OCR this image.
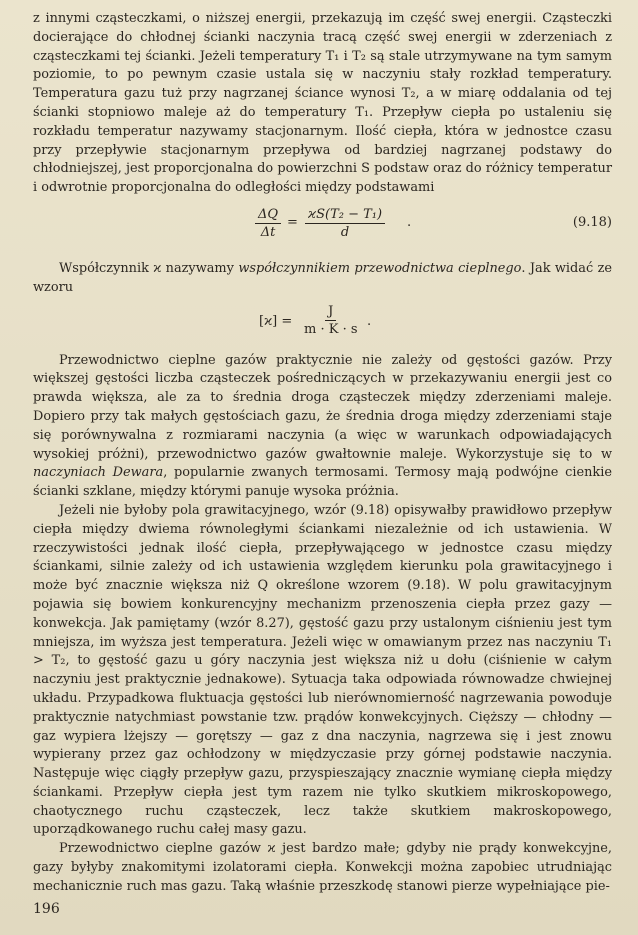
z innymi cząsteczkami, o niższej energii, przekazują im część swej energii. Cząsteczki docierające do chłodnej ścianki naczynia tracą część swej energii w zderzeniach z cząsteczkami tej ścianki. Jeżeli temperatury T₁ i T₂ są stale utrzymywane na tym samym poziomie, to po pewnym czasie ustala się w naczyniu stały rozkład temperatury. Temperatura gazu tuż przy nagrzanej ściance wynosi T₂, a w miarę oddalania od tej ścianki stopniowo maleje aż do temperatury T₁. Przepływ ciepła po ustaleniu się rozkładu temperatur nazywamy stacjonarnym. Ilość ciepła, która w jednostce czasu przy przepływie stacjonarnym przepływa od bardziej nagrzanej podstawy do chłodniejszej, jest proporcjonalna do powierzchni S podstaw oraz do różnicy temperatur i odwrotnie proporcjonalna do odległości między podstawami

$\frac{\Delta Q}{\Delta t} = \frac{\text{ϰS(T₂ − T₁)}}{d}$ .	(9.18)

Współczynnik ϰ nazywamy współczynnikiem przewodnictwa cieplnego. Jak widać ze wzoru

$[ϰ] = \frac{J}{m \cdot K \cdot s}$ .

Przewodnictwo cieplne gazów praktycznie nie zależy od gęstości gazów. Przy większej gęstości liczba cząsteczek pośredniczących w przekazywaniu energii jest co prawda większa, ale za to średnia droga cząsteczek między zderzeniami maleje. Dopiero przy tak małych gęstościach gazu, że średnia droga między zderzeniami staje się porównywalna z rozmiarami naczynia (a więc w warunkach odpowiadających wysokiej próżni), przewodnictwo gazów gwałtownie maleje. Wykorzystuje się to w naczyniach Dewara, popularnie zwanych termosami. Termosy mają podwójne cienkie ścianki szklane, między którymi panuje wysoka próżnia.

Jeżeli nie byłoby pola grawitacyjnego, wzór (9.18) opisywałby prawidłowo przepływ ciepła między dwiema równoległymi ściankami niezależnie od ich ustawienia. W rzeczywistości jednak ilość ciepła, przepływającego w jednostce czasu między ściankami, silnie zależy od ich ustawienia względem kierunku pola grawitacyjnego i może być znacznie większa niż Q określone wzorem (9.18). W polu grawitacyjnym pojawia się bowiem konkurencyjny mechanizm przenoszenia ciepła przez gazy — konwekcja. Jak pamiętamy (wzór 8.27), gęstość gazu przy ustalonym ciśnieniu jest tym mniejsza, im wyższa jest temperatura. Jeżeli więc w omawianym przez nas naczyniu T₁ > T₂, to gęstość gazu u góry naczynia jest większa niż u dołu (ciśnienie w całym naczyniu jest praktycznie jednakowe). Sytuacja taka odpowiada równowadze chwiejnej układu. Przypadkowa fluktuacja gęstości lub nierównomierność nagrzewania powoduje praktycznie natychmiast powstanie tzw. prądów konwekcyjnych. Cięższy — chłodny — gaz wypiera lżejszy — gorętszy — gaz z dna naczynia, nagrzewa się i jest znowu wypierany przez gaz ochłodzony w międzyczasie przy górnej podstawie naczynia. Następuje więc ciągły przepływ gazu, przyspieszający znacznie wymianę ciepła między ściankami. Przepływ ciepła jest tym razem nie tylko skutkiem mikroskopowego, chaotycznego ruchu cząsteczek, lecz także skutkiem makroskopowego, uporządkowanego ruchu całej masy gazu.

Przewodnictwo cieplne gazów ϰ jest bardzo małe; gdyby nie prądy konwekcyjne, gazy byłyby znakomitymi izolatorami ciepła. Konwekcji można zapobiec utrudniając mechanicznie ruch mas gazu. Taką właśnie przeszkodę stanowi pierze wypełniające pie-

196
